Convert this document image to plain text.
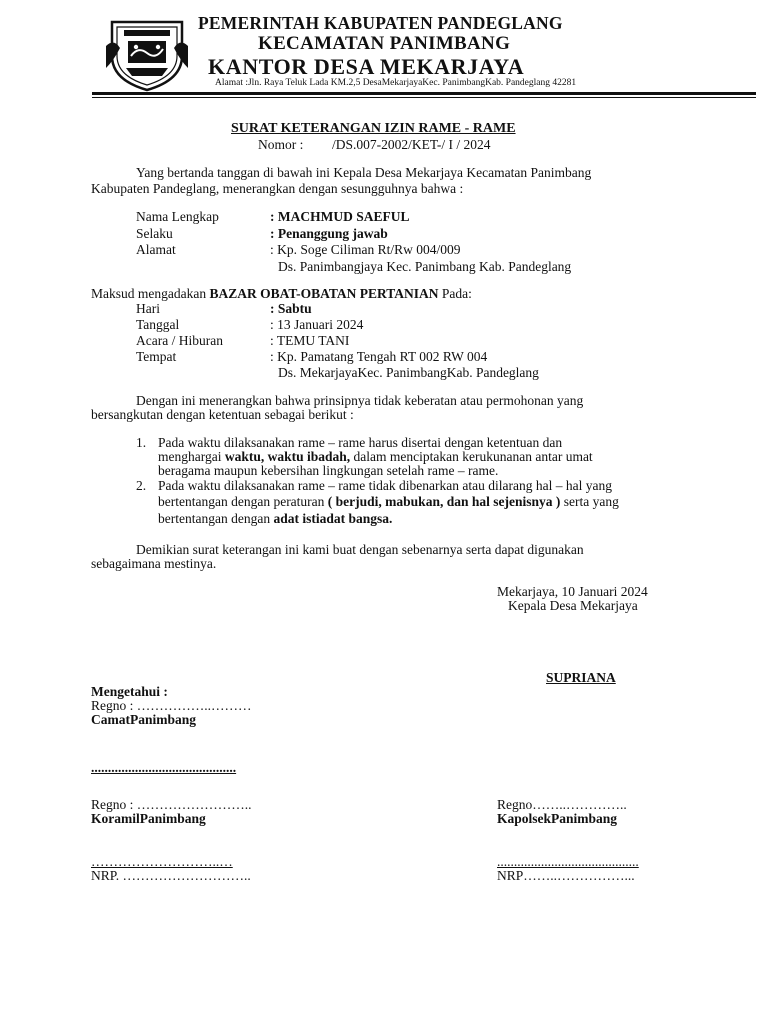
PEMERINTAH KABUPATEN PANDEGLANG
KECAMATAN PANIMBANG
KANTOR DESA MEKARJAYA
Alamat :Jln. Raya Teluk Lada KM.2,5 DesaMekarjayaKec. PanimbangKab. Pandeglang 42281
SURAT KETERANGAN IZIN RAME - RAME
Nomor : /DS.007-2002/KET-/ I / 2024
Yang bertanda tanggan di bawah ini Kepala Desa Mekarjaya Kecamatan Panimbang
Kabupaten Pandeglang, menerangkan dengan sesungguhnya bahwa :
Nama Lengkap	: MACHMUD SAEFUL
Selaku	: Penanggung jawab
Alamat	: Kp. Soge Ciliman Rt/Rw 004/009
Ds. Panimbangjaya Kec. Panimbang Kab. Pandeglang
Maksud mengadakan BAZAR OBAT-OBATAN PERTANIAN Pada:
Hari	: Sabtu
Tanggal	: 13 Januari 2024
Acara / Hiburan	: TEMU TANI
Tempat	: Kp. Pamatang Tengah RT 002 RW 004
Ds. MekarjayaKec. PanimbangKab. Pandeglang
Dengan ini menerangkan bahwa prinsipnya tidak keberatan atau permohonan yang
bersangkutan dengan ketentuan sebagai berikut :
1. Pada waktu dilaksanakan rame – rame harus disertai dengan ketentuan dan
menghargai waktu, waktu ibadah, dalam menciptakan kerukunanan antar umat
beragama maupun kebersihan lingkungan setelah rame – rame.
2. Pada waktu dilaksanakan rame – rame tidak dibenarkan atau dilarang hal – hal yang
bertentangan dengan peraturan ( berjudi, mabukan, dan hal sejenisnya ) serta yang
bertentangan dengan adat istiadat bangsa.
Demikian surat keterangan ini kami buat dengan sebenarnya serta dapat digunakan
sebagaimana mestinya.
Mekarjaya, 10 Januari 2024
Kepala Desa Mekarjaya
SUPRIANA
Mengetahui :
Regno : ……………..………
CamatPanimbang
...........................................
Regno : ……………………..
KoramilPanimbang
………………………..…
NRP. ………………………..
Regno……..…………..
KapolsekPanimbang
..........................................
NRP……..……………...
